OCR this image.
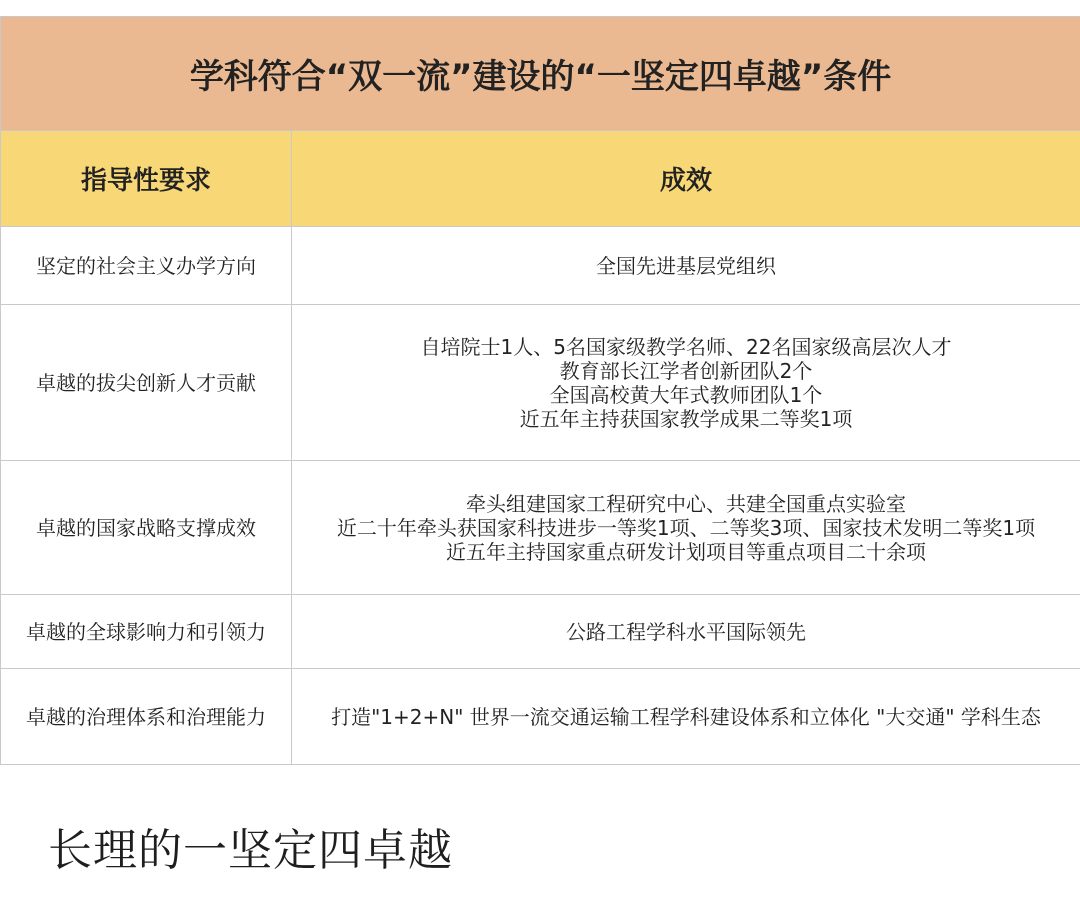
学科符合“双一流”建设的“一坚定四卓越”条件	
指导性要求	成效
坚定的社会主义办学方向	全国先进基层党组织

卓越的拔尖创新人才贡献	自培院士1人、5名国家级教学名师、22名国家级高层次人才
教育部长江学者创新团队2个
全国高校黄大年式教师团队1个
近五年主持获国家教学成果二等奖1项

卓越的国家战略支撑成效	牵头组建国家工程研究中心、共建全国重点实验室
近二十年牵头获国家科技进步一等奖1项、二等奖3项、国家技术发明二等奖1项
近五年主持国家重点研发计划项目等重点项目二十余项

卓越的全球影响力和引领力	公路工程学科水平国际领先

卓越的治理体系和治理能力	打造"1+2+N" 世界一流交通运输工程学科建设体系和立体化 "大交通" 学科生态
长理的一坚定四卓越
